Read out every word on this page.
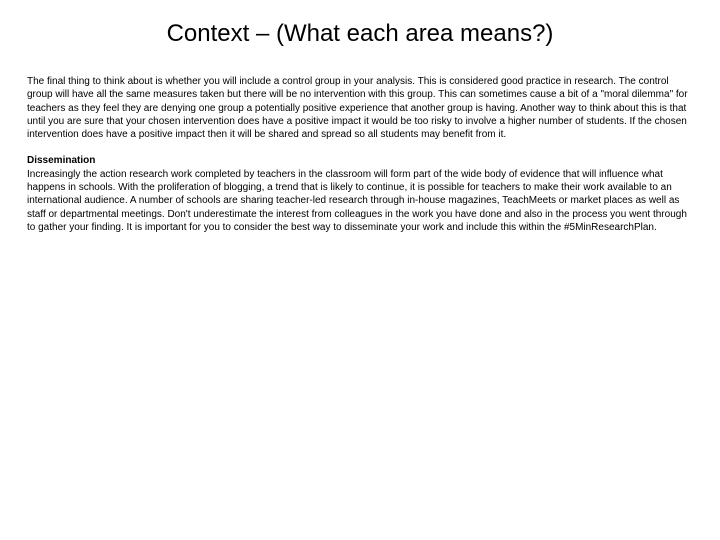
Context – (What each area means?)

The final thing to think about is whether you will include a control group in your analysis. This is considered good practice in research. The control group will have all the same measures taken but there will be no intervention with this group. This can sometimes cause a bit of a "moral dilemma" for teachers as they feel they are denying one group a potentially positive experience that another group is having. Another way to think about this is that until you are sure that your chosen intervention does have a positive impact it would be too risky to involve a higher number of students. If the chosen intervention does have a positive impact then it will be shared and spread so all students may benefit from it.

Dissemination
Increasingly the action research work completed by teachers in the classroom will form part of the wide body of evidence that will influence what happens in schools. With the proliferation of blogging, a trend that is likely to continue, it is possible for teachers to make their work available to an international audience. A number of schools are sharing teacher-led research through in-house magazines, TeachMeets or market places as well as staff or departmental meetings. Don't underestimate the interest from colleagues in the work you have done and also in the process you went through to gather your finding. It is important for you to consider the best way to disseminate your work and include this within the #5MinResearchPlan.
